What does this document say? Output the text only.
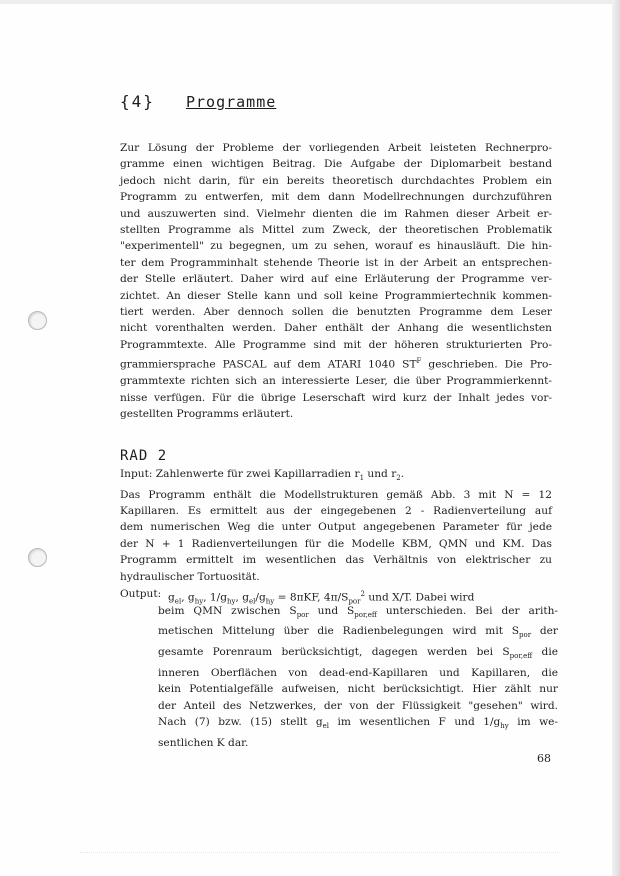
{4} Programme
Zur Lösung der Probleme der vorliegenden Arbeit leisteten Rechnerpro-
gramme einen wichtigen Beitrag. Die Aufgabe der Diplomarbeit bestand
jedoch nicht darin, für ein bereits theoretisch durchdachtes Problem ein
Programm zu entwerfen, mit dem dann Modellrechnungen durchzuführen
und auszuwerten sind. Vielmehr dienten die im Rahmen dieser Arbeit er-
stellten Programme als Mittel zum Zweck, der theoretischen Problematik
"experimentell" zu begegnen, um zu sehen, worauf es hinausläuft. Die hin-
ter dem Programminhalt stehende Theorie ist in der Arbeit an entsprechen-
der Stelle erläutert. Daher wird auf eine Erläuterung der Programme ver-
zichtet. An dieser Stelle kann und soll keine Programmiertechnik kommen-
tiert werden. Aber dennoch sollen die benutzten Programme dem Leser
nicht vorenthalten werden. Daher enthält der Anhang die wesentlichsten
Programmtexte. Alle Programme sind mit der höheren strukturierten Pro-
grammiersprache PASCAL auf dem ATARI 1040 $ST^F$ geschrieben. Die Pro-
grammtexte richten sich an interessierte Leser, die über Programmierkennt-
nisse verfügen. Für die übrige Leserschaft wird kurz der Inhalt jedes vor-
gestellten Programms erläutert.
RAD 2
Input: Zahlenwerte für zwei Kapillarradien $r_1$ und $r_2$.
Das Programm enthält die Modellstrukturen gemäß Abb. 3 mit N = 12
Kapillaren. Es ermittelt aus der eingegebenen 2 - Radienverteilung auf
dem numerischen Weg die unter Output angegebenen Parameter für jede
der N + 1 Radienverteilungen für die Modelle KBM, QMN und KM. Das
Programm ermittelt im wesentlichen das Verhältnis von elektrischer zu
hydraulischer Tortuosität.
Output: $g_{el}$, $g_{hy}$, $1/g_{hy}$, $g_{el}/g_{hy} = 8\pi KF$, $4\pi/S_{por}^2$ und X/T. Dabei wird
beim QMN zwischen $S_{por}$ und $S_{por,eff}$ unterschieden. Bei der arith-
metischen Mittelung über die Radienbelegungen wird mit $S_{por}$ der
gesamte Porenraum berücksichtigt, dagegen werden bei $S_{por,eff}$ die
inneren Oberflächen von dead-end-Kapillaren und Kapillaren, die
kein Potentialgefälle aufweisen, nicht berücksichtigt. Hier zählt nur
der Anteil des Netzwerkes, der von der Flüssigkeit "gesehen" wird.
Nach (7) bzw. (15) stellt $g_{el}$ im wesentlichen F und $1/g_{hy}$ im we-
sentlichen K dar.
68
